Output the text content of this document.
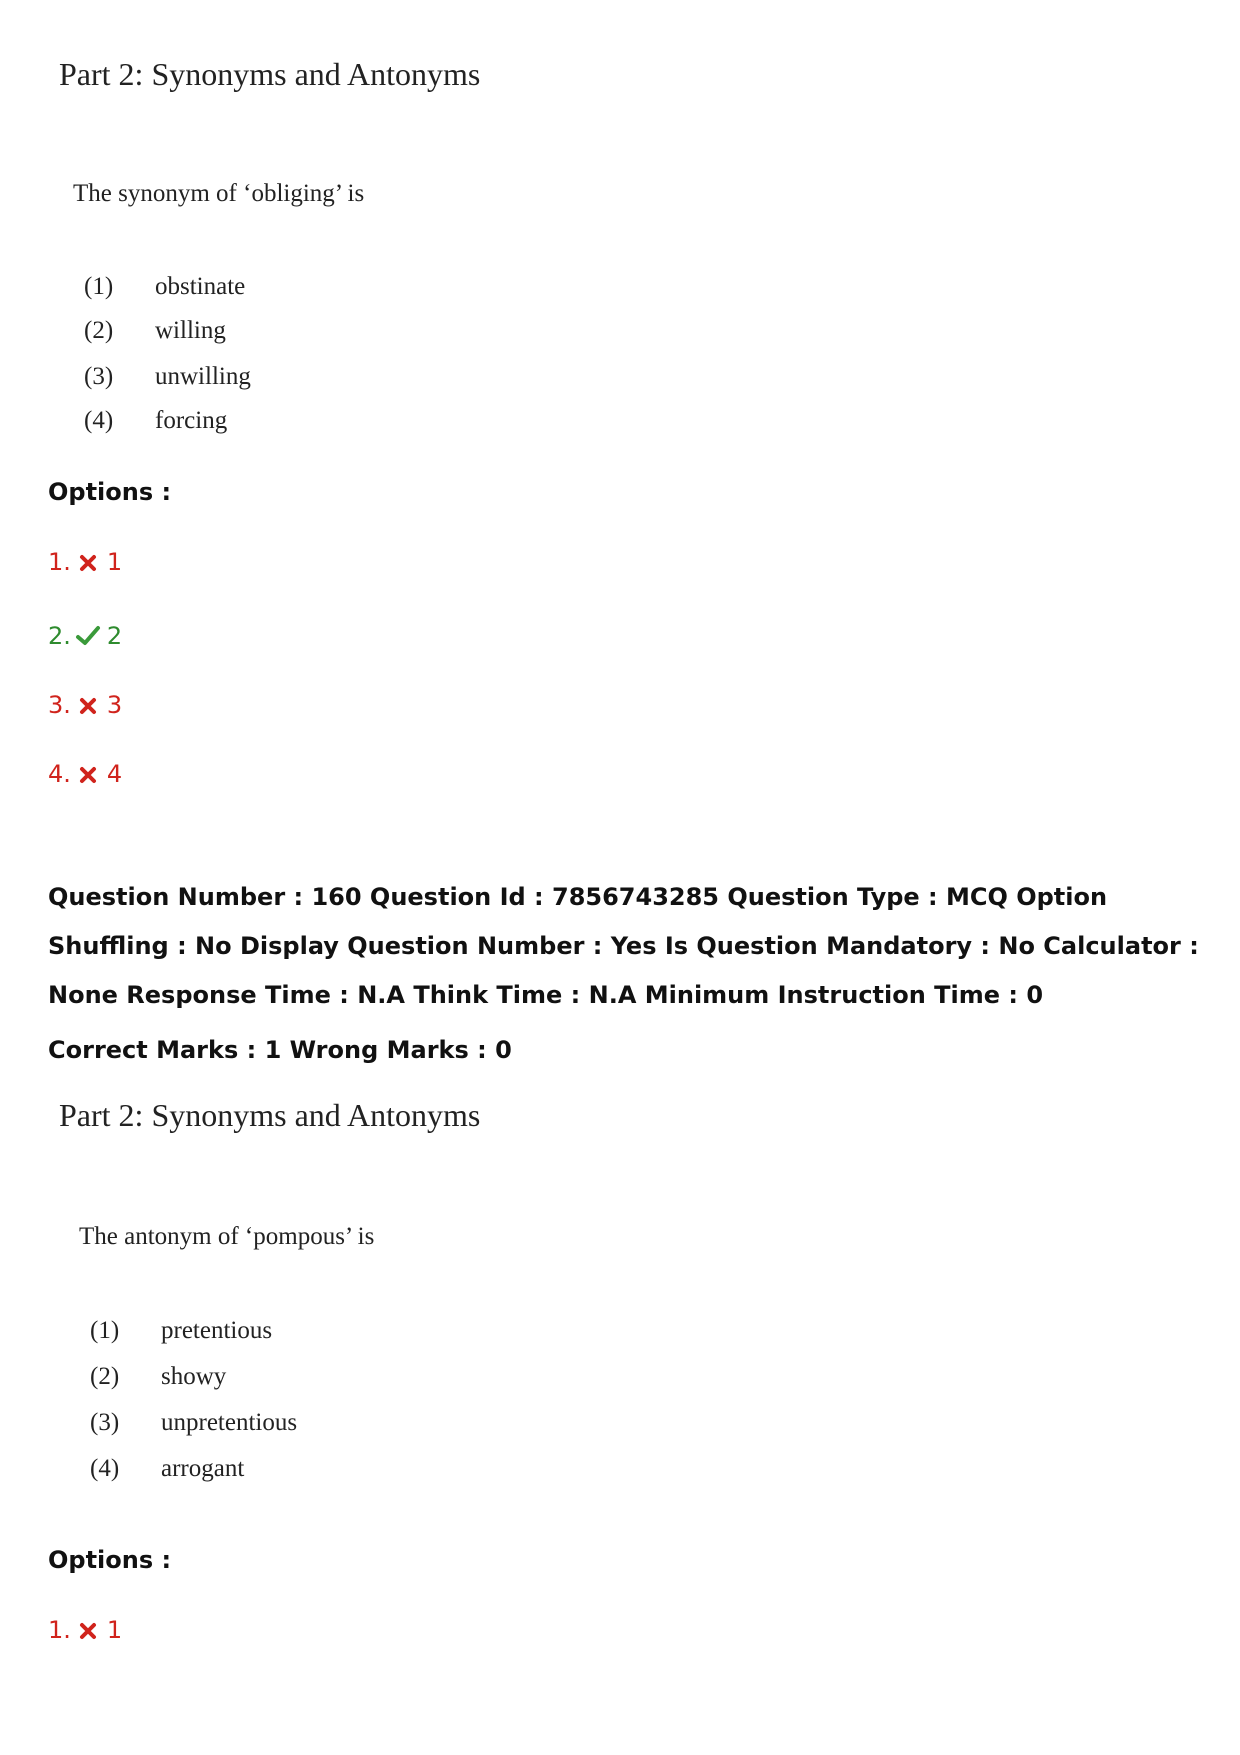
Part 2: Synonyms and Antonyms
The synonym of ‘obliging’ is
(1) obstinate
(2) willing
(3) unwilling
(4) forcing
Options :
1. 1
2. 2
3. 3
4. 4
Question Number : 160 Question Id : 7856743285 Question Type : MCQ Option Shuffling : No Display Question Number : Yes Is Question Mandatory : No Calculator : None Response Time : N.A Think Time : N.A Minimum Instruction Time : 0
Correct Marks : 1 Wrong Marks : 0
Part 2: Synonyms and Antonyms
The antonym of ‘pompous’ is
(1) pretentious
(2) showy
(3) unpretentious
(4) arrogant
Options :
1. 1
